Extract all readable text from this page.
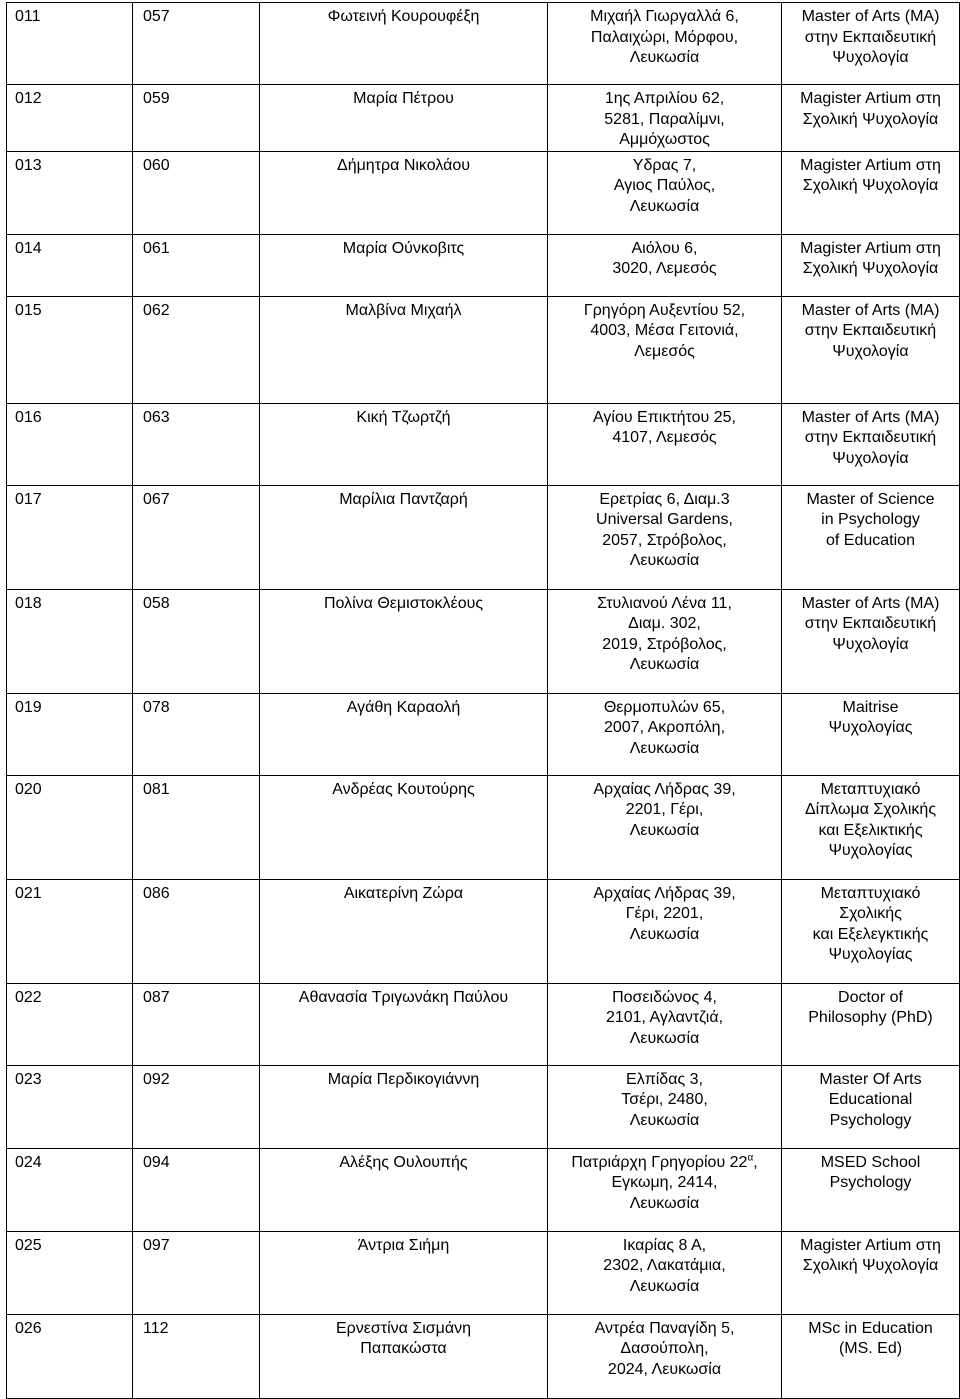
011	057	Φωτεινή Κουρουφέξη	Μιχαήλ Γιωργαλλά 6,
Παλαιχώρι, Μόρφου,
Λευκωσία	Master of Arts (MA)
στην Εκπαιδευτική
Ψυχολογία
012	059	Μαρία Πέτρου	1ης Απριλίου 62,
5281, Παραλίμνι,
Αμμόχωστος	Magister Artium στη
Σχολική Ψυχολογία
013	060	Δήμητρα Νικολάου	Υδρας 7,
Αγιος Παύλος,
Λευκωσία	Magister Artium στη
Σχολική Ψυχολογία
014	061	Μαρία Ούνκοβιτς	Αιόλου 6,
3020, Λεμεσός	Magister Artium στη
Σχολική Ψυχολογία
015	062	Μαλβίνα Μιχαήλ	Γρηγόρη Αυξεντίου 52,
4003, Μέσα Γειτονιά,
Λεμεσός	Master of Arts (MA)
στην Εκπαιδευτική
Ψυχολογία
016	063	Κική Τζωρτζή	Αγίου Επικτήτου 25,
4107, Λεμεσός	Master of Arts (MA)
στην Εκπαιδευτική
Ψυχολογία
017	067	Μαρίλια Παντζαρή	Ερετρίας 6, Διαμ.3
Universal Gardens,
2057, Στρόβολος,
Λευκωσία	Master of Science
in Psychology
of Education
018	058	Πολίνα Θεμιστοκλέους	Στυλιανού Λένα 11,
Διαμ. 302,
2019, Στρόβολος,
Λευκωσία	Master of Arts (MA)
στην Εκπαιδευτική
Ψυχολογία
019	078	Αγάθη Καραολή	Θερμοπυλών 65,
2007, Ακροπόλη,
Λευκωσία	Maitrise
Ψυχολογίας
020	081	Ανδρέας Κουτούρης	Αρχαίας Λήδρας 39,
2201, Γέρι,
Λευκωσία	Μεταπτυχιακό
Δίπλωμα Σχολικής
και Εξελικτικής
Ψυχολογίας
021	086	Αικατερίνη Ζώρα	Αρχαίας Λήδρας 39,
Γέρι, 2201,
Λευκωσία	Μεταπτυχιακό
Σχολικής
και Εξελεγκτικής
Ψυχολογίας
022	087	Αθανασία Τριγωνάκη Παύλου	Ποσειδώνος 4,
2101, Αγλαντζιά,
Λευκωσία	Doctor of
Philosophy (PhD)
023	092	Μαρία Περδικογιάννη	Ελπίδας 3,
Τσέρι, 2480,
Λευκωσία	Master Of Arts
Educational
Psychology
024	094	Αλέξης Ουλουπής	Πατριάρχη Γρηγορίου $22^\alpha$,
Εγκωμη, 2414,
Λευκωσία	MSED School
Psychology
025	097	Άντρια Σιήμη	Ικαρίας 8 Α,
2302, Λακατάμια,
Λευκωσία	Magister Artium στη
Σχολική Ψυχολογία
026	112	Ερνεστίνα Σισμάνη
Παπακώστα	Αντρέα Παναγίδη 5,
Δασούπολη,
2024, Λευκωσία	MSc in Education
(MS. Ed)
